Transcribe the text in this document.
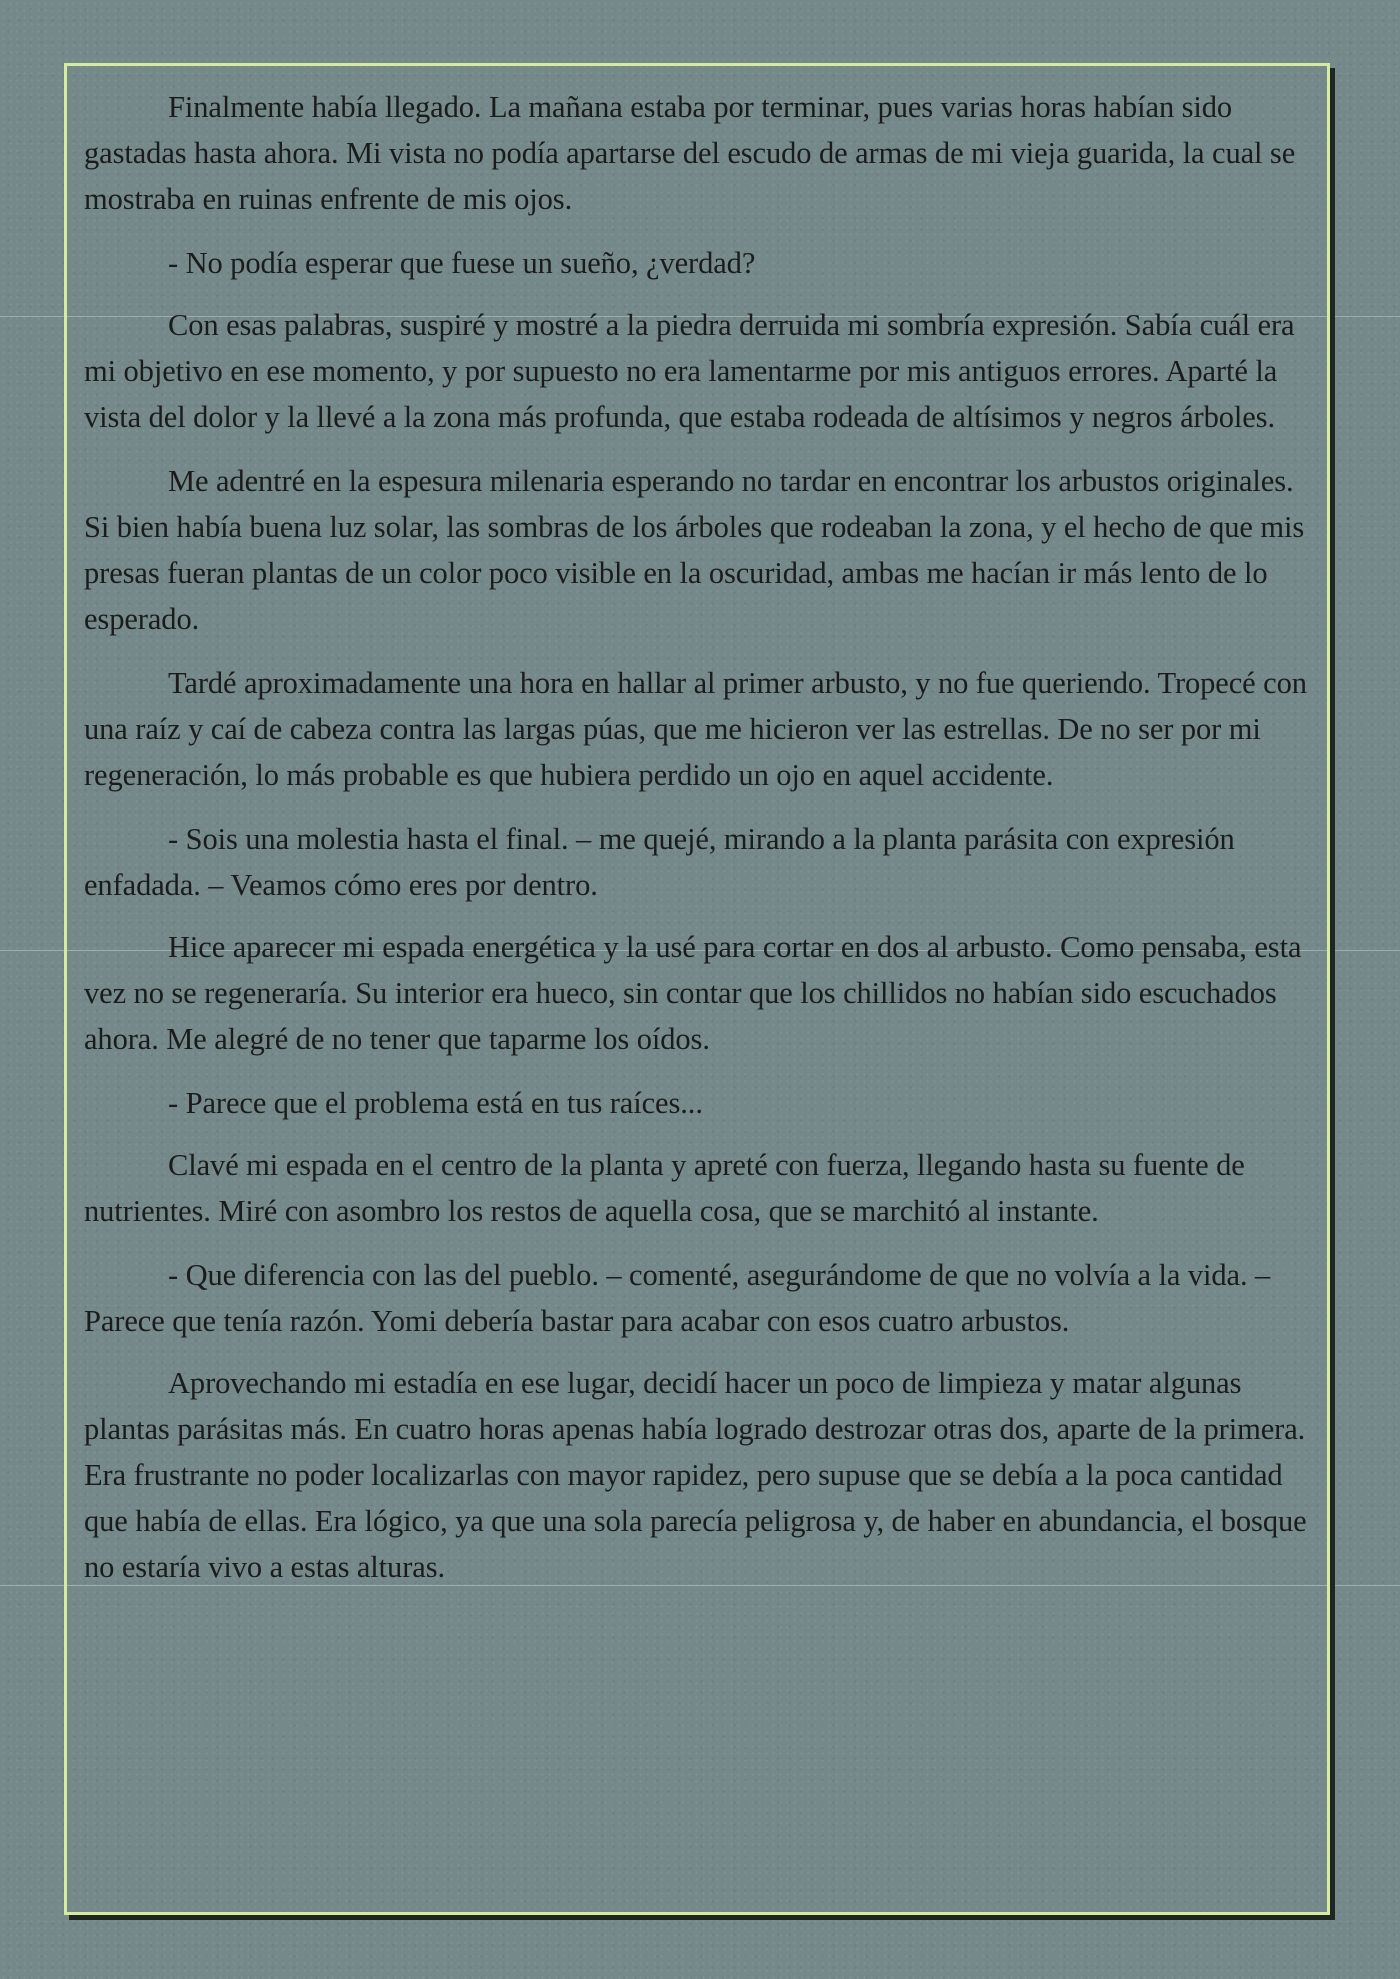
Finalmente había llegado. La mañana estaba por terminar, pues varias horas habían sido gastadas hasta ahora. Mi vista no podía apartarse del escudo de armas de mi vieja guarida, la cual se mostraba en ruinas enfrente de mis ojos.

- No podía esperar que fuese un sueño, ¿verdad?

Con esas palabras, suspiré y mostré a la piedra derruida mi sombría expresión. Sabía cuál era mi objetivo en ese momento, y por supuesto no era lamentarme por mis antiguos errores. Aparté la vista del dolor y la llevé a la zona más profunda, que estaba rodeada de altísimos y negros árboles.

Me adentré en la espesura milenaria esperando no tardar en encontrar los arbustos originales. Si bien había buena luz solar, las sombras de los árboles que rodeaban la zona, y el hecho de que mis presas fueran plantas de un color poco visible en la oscuridad, ambas me hacían ir más lento de lo esperado.

Tardé aproximadamente una hora en hallar al primer arbusto, y no fue queriendo. Tropecé con una raíz y caí de cabeza contra las largas púas, que me hicieron ver las estrellas. De no ser por mi regeneración, lo más probable es que hubiera perdido un ojo en aquel accidente.

- Sois una molestia hasta el final. – me quejé, mirando a la planta parásita con expresión enfadada. – Veamos cómo eres por dentro.

Hice aparecer mi espada energética y la usé para cortar en dos al arbusto. Como pensaba, esta vez no se regeneraría. Su interior era hueco, sin contar que los chillidos no habían sido escuchados ahora. Me alegré de no tener que taparme los oídos.

- Parece que el problema está en tus raíces...

Clavé mi espada en el centro de la planta y apreté con fuerza, llegando hasta su fuente de nutrientes. Miré con asombro los restos de aquella cosa, que se marchitó al instante.

- Que diferencia con las del pueblo. – comenté, asegurándome de que no volvía a la vida. – Parece que tenía razón. Yomi debería bastar para acabar con esos cuatro arbustos.

Aprovechando mi estadía en ese lugar, decidí hacer un poco de limpieza y matar algunas plantas parásitas más. En cuatro horas apenas había logrado destrozar otras dos, aparte de la primera. Era frustrante no poder localizarlas con mayor rapidez, pero supuse que se debía a la poca cantidad que había de ellas. Era lógico, ya que una sola parecía peligrosa y, de haber en abundancia, el bosque no estaría vivo a estas alturas.
